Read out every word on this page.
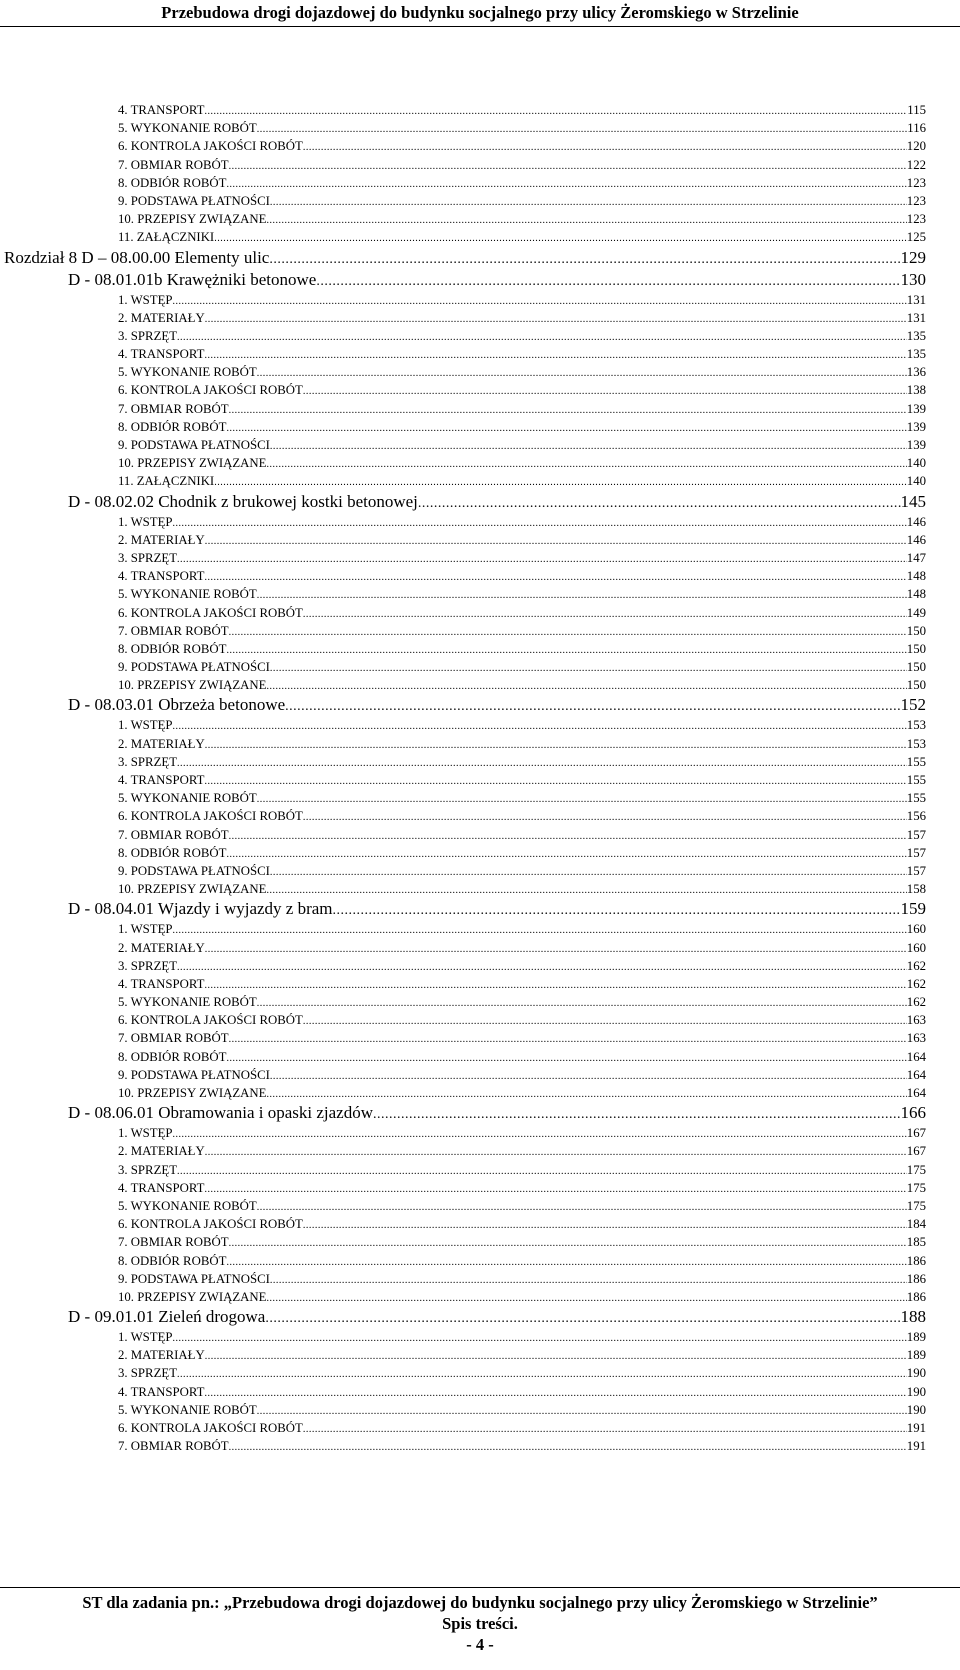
Przebudowa drogi dojazdowej do budynku socjalnego przy ulicy Żeromskiego w Strzelinie
4. TRANSPORT .....	115
5. WYKONANIE ROBÓT .....	116
6. KONTROLA JAKOŚCI ROBÓT .....	120
7. OBMIAR ROBÓT .....	122
8. ODBIÓR ROBÓT .....	123
9. PODSTAWA PŁATNOŚCI .....	123
10. PRZEPISY ZWIĄZANE .....	123
11. ZAŁĄCZNIKI .....	125
Rozdział 8 D – 08.00.00 Elementy ulic .....	129
D - 08.01.01b Krawężniki betonowe .....	130
1. WSTĘP .....	131
2. MATERIAŁY .....	131
3. SPRZĘT .....	135
4. TRANSPORT .....	135
5. WYKONANIE ROBÓT .....	136
6. KONTROLA JAKOŚCI ROBÓT .....	138
7. OBMIAR ROBÓT .....	139
8. ODBIÓR ROBÓT .....	139
9. PODSTAWA PŁATNOŚCI .....	139
10. PRZEPISY ZWIĄZANE .....	140
11. ZAŁĄCZNIKI .....	140
D - 08.02.02 Chodnik z brukowej kostki betonowej .....	145
1. WSTĘP .....	146
2. MATERIAŁY .....	146
3. SPRZĘT .....	147
4. TRANSPORT .....	148
5. WYKONANIE ROBÓT .....	148
6. KONTROLA JAKOŚCI ROBÓT .....	149
7. OBMIAR ROBÓT .....	150
8. ODBIÓR ROBÓT .....	150
9. PODSTAWA PŁATNOŚCI .....	150
10. PRZEPISY ZWIĄZANE .....	150
D - 08.03.01 Obrzeża betonowe .....	152
1. WSTĘP .....	153
2. MATERIAŁY .....	153
3. SPRZĘT .....	155
4. TRANSPORT .....	155
5. WYKONANIE ROBÓT .....	155
6. KONTROLA JAKOŚCI ROBÓT .....	156
7. OBMIAR ROBÓT .....	157
8. ODBIÓR ROBÓT .....	157
9. PODSTAWA PŁATNOŚCI .....	157
10. PRZEPISY ZWIĄZANE .....	158
D - 08.04.01 Wjazdy i wyjazdy z bram .....	159
1. WSTĘP .....	160
2. MATERIAŁY .....	160
3. SPRZĘT .....	162
4. TRANSPORT .....	162
5. WYKONANIE ROBÓT .....	162
6. KONTROLA JAKOŚCI ROBÓT .....	163
7. OBMIAR ROBÓT .....	163
8. ODBIÓR ROBÓT .....	164
9. PODSTAWA PŁATNOŚCI .....	164
10. PRZEPISY ZWIĄZANE .....	164
D - 08.06.01 Obramowania i opaski zjazdów .....	166
1. WSTĘP .....	167
2. MATERIAŁY .....	167
3. SPRZĘT .....	175
4. TRANSPORT .....	175
5. WYKONANIE ROBÓT .....	175
6. KONTROLA JAKOŚCI ROBÓT .....	184
7. OBMIAR ROBÓT .....	185
8. ODBIÓR ROBÓT .....	186
9. PODSTAWA PŁATNOŚCI .....	186
10. PRZEPISY ZWIĄZANE .....	186
D - 09.01.01 Zieleń drogowa .....	188
1. WSTĘP .....	189
2. MATERIAŁY .....	189
3. SPRZĘT .....	190
4. TRANSPORT .....	190
5. WYKONANIE ROBÓT .....	190
6. KONTROLA JAKOŚCI ROBÓT .....	191
7. OBMIAR ROBÓT .....	191
ST dla zadania pn.: „Przebudowa drogi dojazdowej do budynku socjalnego przy ulicy Żeromskiego w Strzelinie”
Spis treści.
- 4 -
